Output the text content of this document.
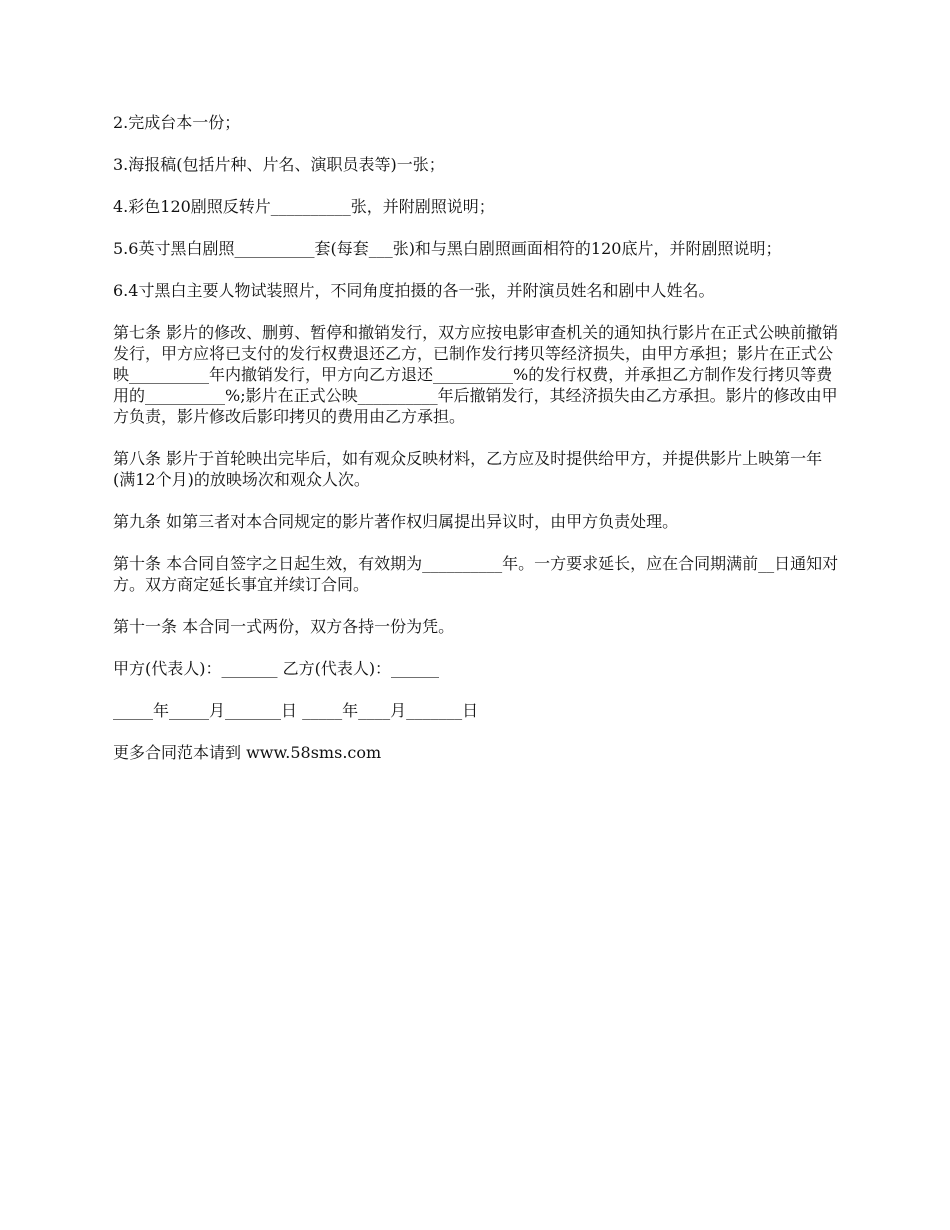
2.完成台本一份；

3.海报稿(包括片种、片名、演职员表等)一张；

4.彩色120剧照反转片__________张，并附剧照说明；

5.6英寸黑白剧照__________套(每套___张)和与黑白剧照画面相符的120底片，并附剧照说明；

6.4寸黑白主要人物试装照片，不同角度拍摄的各一张，并附演员姓名和剧中人姓名。

第七条 影片的修改、删剪、暂停和撤销发行，双方应按电影审查机关的通知执行影片在正式公映前撤销发行，甲方应将已支付的发行权费退还乙方，已制作发行拷贝等经济损失，由甲方承担；影片在正式公映__________年内撤销发行，甲方向乙方退还__________%的发行权费，并承担乙方制作发行拷贝等费用的__________%;影片在正式公映__________年后撤销发行，其经济损失由乙方承担。影片的修改由甲方负责，影片修改后影印拷贝的费用由乙方承担。

第八条 影片于首轮映出完毕后，如有观众反映材料，乙方应及时提供给甲方，并提供影片上映第一年(满12个月)的放映场次和观众人次。

第九条 如第三者对本合同规定的影片著作权归属提出异议时，由甲方负责处理。

第十条 本合同自签字之日起生效，有效期为__________年。一方要求延长，应在合同期满前__日通知对方。双方商定延长事宜并续订合同。

第十一条 本合同一式两份，双方各持一份为凭。

甲方(代表人)：_______ 乙方(代表人)：______

_____年_____月_______日 _____年____月_______日

更多合同范本请到 www.58sms.com
